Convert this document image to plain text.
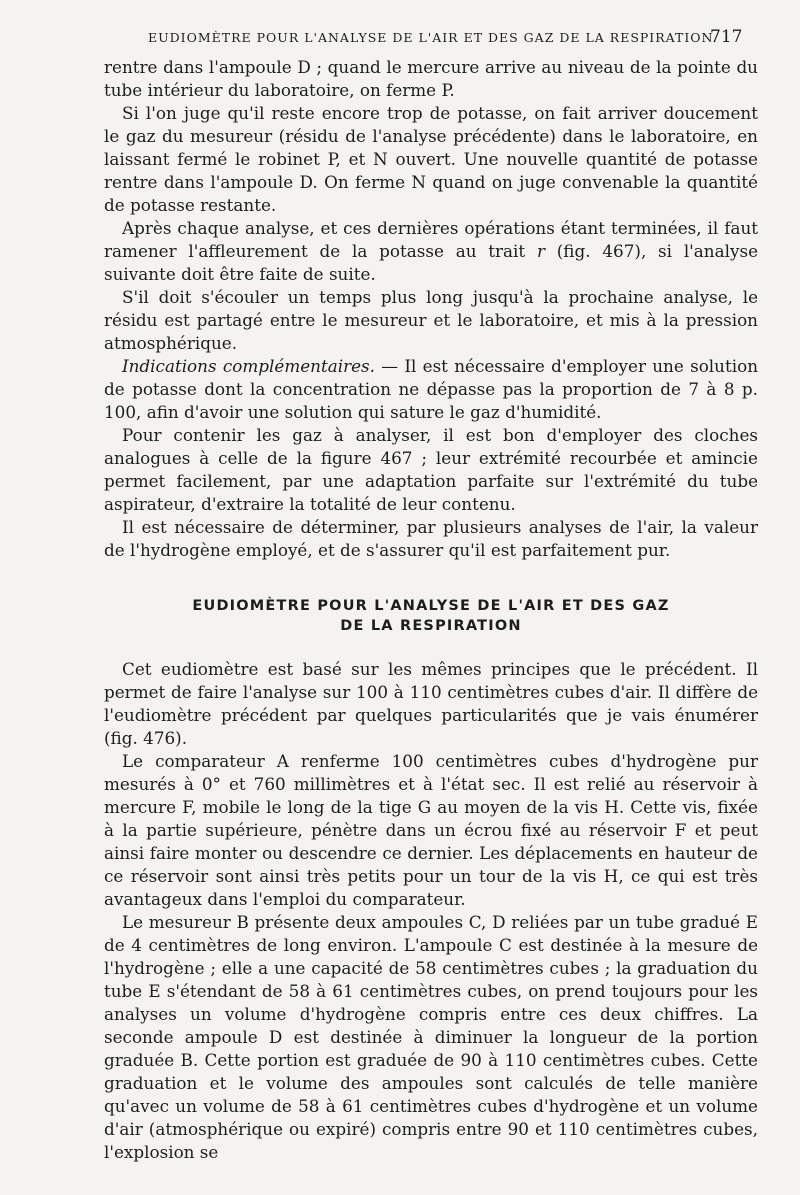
EUDIOMÈTRE POUR L'ANALYSE DE L'AIR ET DES GAZ DE LA RESPIRATION.
717

rentre dans l'ampoule D ; quand le mercure arrive au niveau de la pointe du tube intérieur du laboratoire, on ferme P.

Si l'on juge qu'il reste encore trop de potasse, on fait arriver doucement le gaz du mesureur (résidu de l'analyse précédente) dans le laboratoire, en laissant fermé le robinet P, et N ouvert. Une nouvelle quantité de potasse rentre dans l'ampoule D. On ferme N quand on juge convenable la quantité de potasse restante.

Après chaque analyse, et ces dernières opérations étant terminées, il faut ramener l'affleurement de la potasse au trait r (fig. 467), si l'analyse suivante doit être faite de suite.

S'il doit s'écouler un temps plus long jusqu'à la prochaine analyse, le résidu est partagé entre le mesureur et le laboratoire, et mis à la pression atmosphérique.

Indications complémentaires. — Il est nécessaire d'employer une solution de potasse dont la concentration ne dépasse pas la proportion de 7 à 8 p. 100, afin d'avoir une solution qui sature le gaz d'humidité.

Pour contenir les gaz à analyser, il est bon d'employer des cloches analogues à celle de la figure 467 ; leur extrémité recourbée et amincie permet facilement, par une adaptation parfaite sur l'extrémité du tube aspirateur, d'extraire la totalité de leur contenu.

Il est nécessaire de déterminer, par plusieurs analyses de l'air, la valeur de l'hydrogène employé, et de s'assurer qu'il est parfaitement pur.

EUDIOMÈTRE POUR L'ANALYSE DE L'AIR ET DES GAZ
DE LA RESPIRATION

Cet eudiomètre est basé sur les mêmes principes que le précédent. Il permet de faire l'analyse sur 100 à 110 centimètres cubes d'air. Il diffère de l'eudiomètre précédent par quelques particularités que je vais énumérer (fig. 476).

Le comparateur A renferme 100 centimètres cubes d'hydrogène pur mesurés à 0° et 760 millimètres et à l'état sec. Il est relié au réservoir à mercure F, mobile le long de la tige G au moyen de la vis H. Cette vis, fixée à la partie supérieure, pénètre dans un écrou fixé au réservoir F et peut ainsi faire monter ou descendre ce dernier. Les déplacements en hauteur de ce réservoir sont ainsi très petits pour un tour de la vis H, ce qui est très avantageux dans l'emploi du comparateur.

Le mesureur B présente deux ampoules C, D reliées par un tube gradué E de 4 centimètres de long environ. L'ampoule C est destinée à la mesure de l'hydrogène ; elle a une capacité de 58 centimètres cubes ; la graduation du tube E s'étendant de 58 à 61 centimètres cubes, on prend toujours pour les analyses un volume d'hydrogène compris entre ces deux chiffres. La seconde ampoule D est destinée à diminuer la longueur de la portion graduée B. Cette portion est graduée de 90 à 110 centimètres cubes. Cette graduation et le volume des ampoules sont calculés de telle manière qu'avec un volume de 58 à 61 centimètres cubes d'hydrogène et un volume d'air (atmosphérique ou expiré) compris entre 90 et 110 centimètres cubes, l'explosion se
